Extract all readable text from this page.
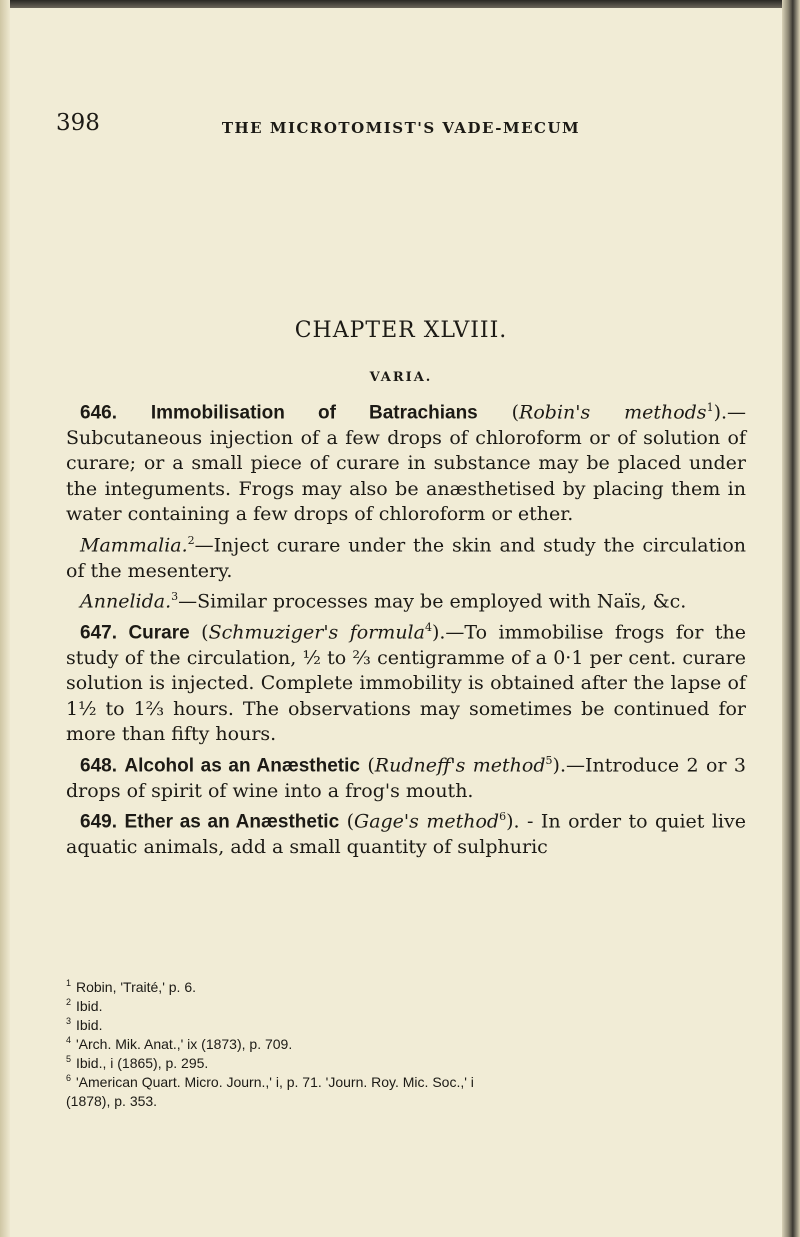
398	THE MICROTOMIST'S VADE-MECUM
CHAPTER XLVIII.
VARIA.

646. Immobilisation of Batrachians (Robin's methods$^1$).— Subcutaneous injection of a few drops of chloroform or of solution of curare; or a small piece of curare in substance may be placed under the integuments. Frogs may also be anæsthetised by placing them in water containing a few drops of chloroform or ether.

Mammalia.$^2$—Inject curare under the skin and study the circulation of the mesentery.

Annelida.$^3$—Similar processes may be employed with Naïs, &c.

647. Curare (Schmuziger's formula$^4$).—To immobilise frogs for the study of the circulation, ½ to ⅔ centigramme of a 0·1 per cent. curare solution is injected. Complete immobility is obtained after the lapse of 1½ to 1⅔ hours. The observations may sometimes be continued for more than fifty hours.

648. Alcohol as an Anæsthetic (Rudneff's method$^5$).—Introduce 2 or 3 drops of spirit of wine into a frog's mouth.

649. Ether as an Anæsthetic (Gage's method$^6$). - In order to quiet live aquatic animals, add a small quantity of sulphuric

1 Robin, 'Traité,' p. 6.

2 Ibid.

3 Ibid.

4 'Arch. Mik. Anat.,' ix (1873), p. 709.

5 Ibid., i (1865), p. 295.

6 'American Quart. Micro. Journ.,' i, p. 71. 'Journ. Roy. Mic. Soc.,' i

(1878), p. 353.
